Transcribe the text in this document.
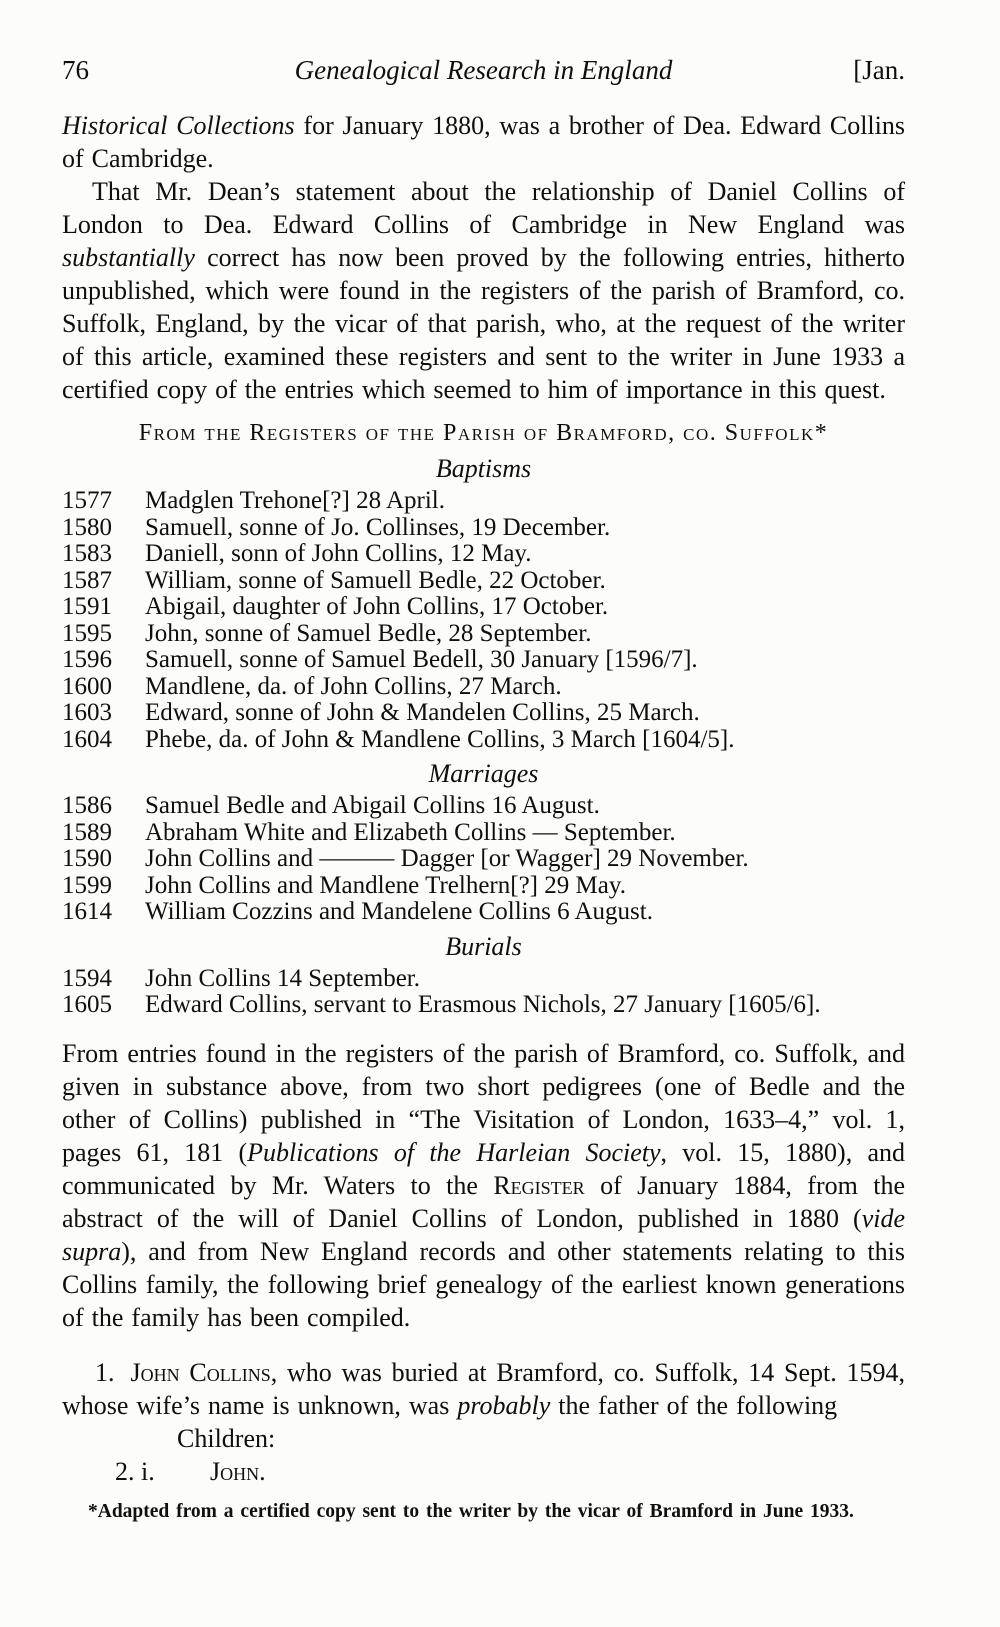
76	Genealogical Research in England	[Jan.

Historical Collections for January 1880, was a brother of Dea. Edward Collins of Cambridge.

That Mr. Dean’s statement about the relationship of Daniel Collins of London to Dea. Edward Collins of Cambridge in New England was substantially correct has now been proved by the following entries, hitherto unpublished, which were found in the registers of the parish of Bramford, co. Suffolk, England, by the vicar of that parish, who, at the request of the writer of this article, examined these registers and sent to the writer in June 1933 a certified copy of the entries which seemed to him of importance in this quest.

From the Registers of the Parish of Bramford, co. Suffolk*
Baptisms
1577	Madglen Trehone[?] 28 April.
1580	Samuell, sonne of Jo. Collinses, 19 December.
1583	Daniell, sonn of John Collins, 12 May.
1587	William, sonne of Samuell Bedle, 22 October.
1591	Abigail, daughter of John Collins, 17 October.
1595	John, sonne of Samuel Bedle, 28 September.
1596	Samuell, sonne of Samuel Bedell, 30 January [1596/7].
1600	Mandlene, da. of John Collins, 27 March.
1603	Edward, sonne of John & Mandelen Collins, 25 March.
1604	Phebe, da. of John & Mandlene Collins, 3 March [1604/5].
Marriages
1586	Samuel Bedle and Abigail Collins 16 August.
1589	Abraham White and Elizabeth Collins — September.
1590	John Collins and ——— Dagger [or Wagger] 29 November.
1599	John Collins and Mandlene Trelhern[?] 29 May.
1614	William Cozzins and Mandelene Collins 6 August.
Burials
1594	John Collins 14 September.
1605	Edward Collins, servant to Erasmous Nichols, 27 January [1605/6].

From entries found in the registers of the parish of Bramford, co. Suffolk, and given in substance above, from two short pedigrees (one of Bedle and the other of Collins) published in “The Visitation of London, 1633–4,” vol. 1, pages 61, 181 (Publications of the Harleian Society, vol. 15, 1880), and communicated by Mr. Waters to the Register of January 1884, from the abstract of the will of Daniel Collins of London, published in 1880 (vide supra), and from New England records and other statements relating to this Collins family, the following brief genealogy of the earliest known generations of the family has been compiled.

1. John Collins, who was buried at Bramford, co. Suffolk, 14 Sept. 1594, whose wife’s name is unknown, was probably the father of the following

Children:
2. i.	John.
*Adapted from a certified copy sent to the writer by the vicar of Bramford in June 1933.
